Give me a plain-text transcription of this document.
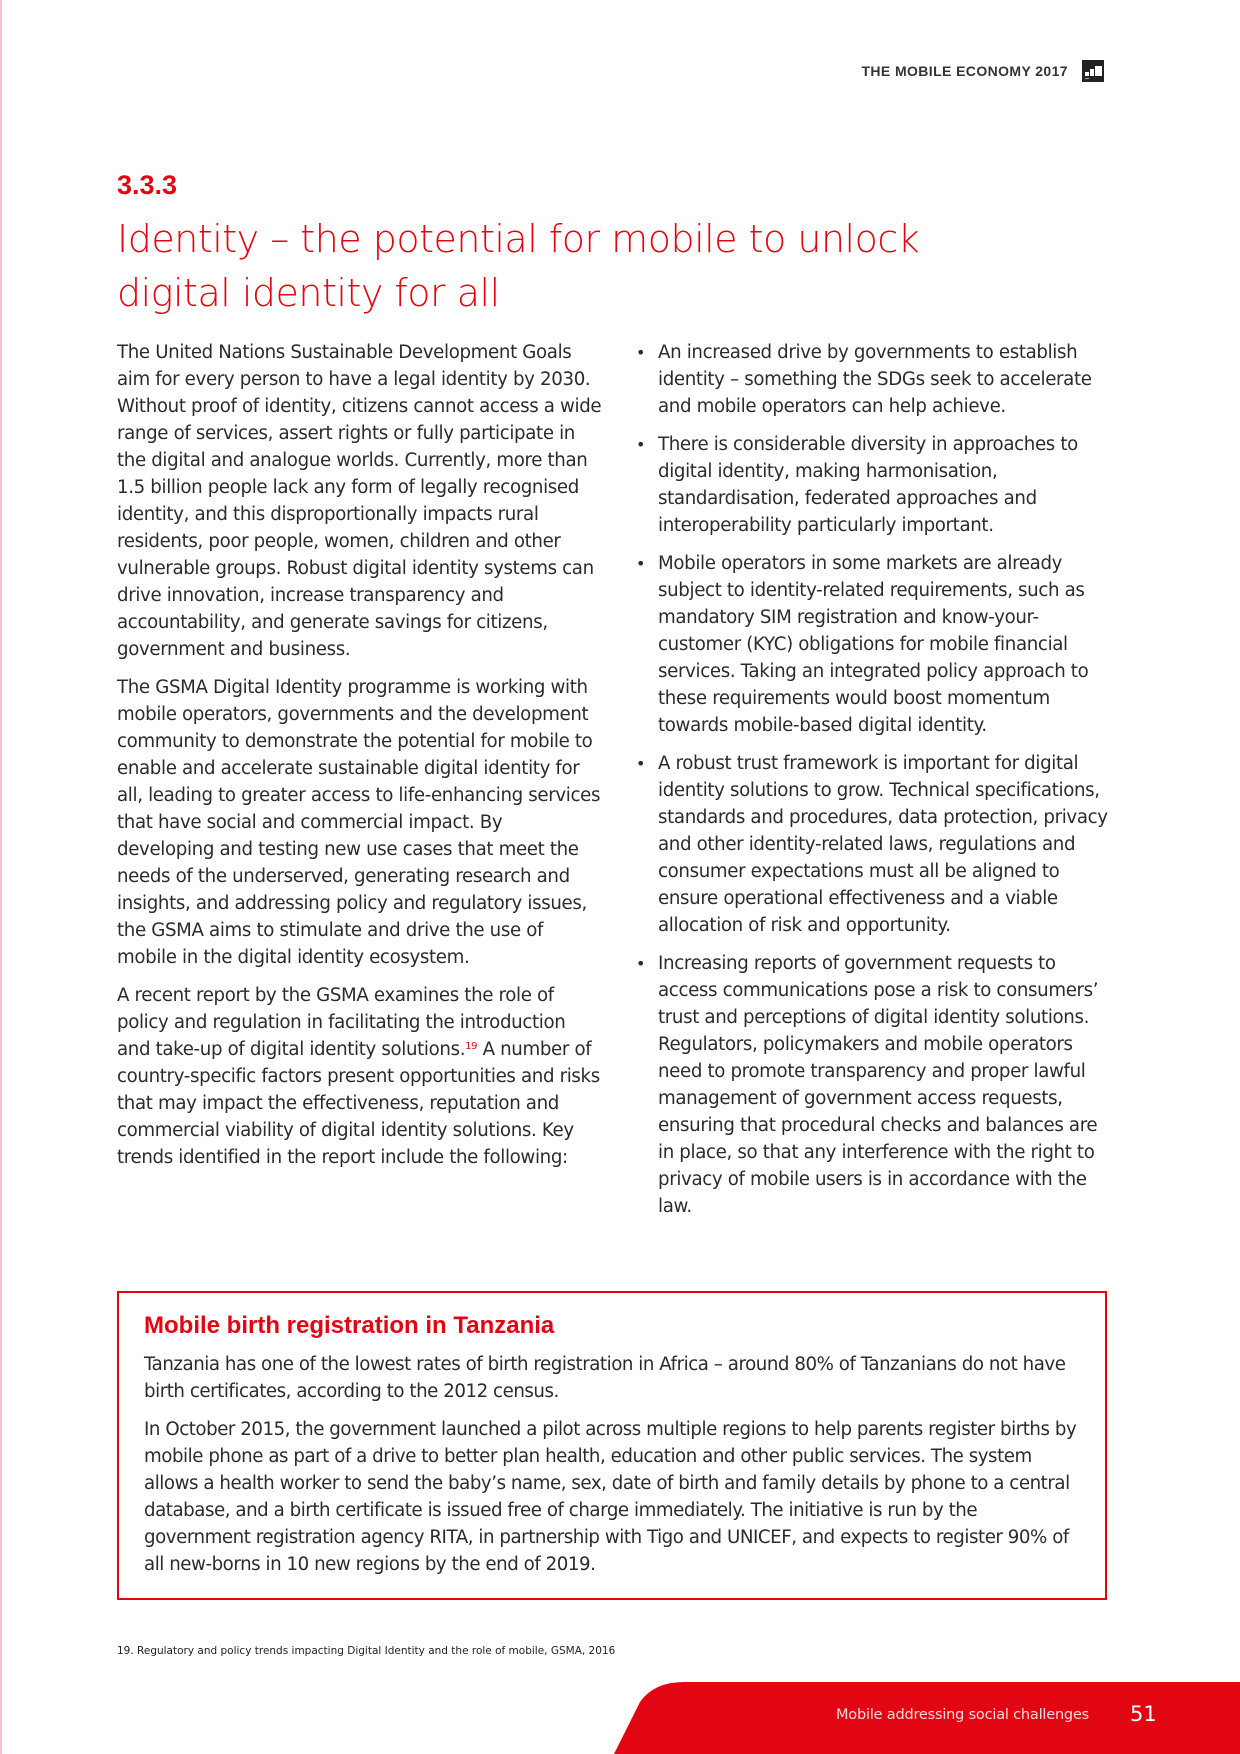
THE MOBILE ECONOMY 2017
3.3.3
Identity – the potential for mobile to unlock digital identity for all

The United Nations Sustainable Development Goals aim for every person to have a legal identity by 2030. Without proof of identity, citizens cannot access a wide range of services, assert rights or fully participate in the digital and analogue worlds. Currently, more than 1.5 billion people lack any form of legally recognised identity, and this disproportionally impacts rural residents, poor people, women, children and other vulnerable groups. Robust digital identity systems can drive innovation, increase transparency and accountability, and generate savings for citizens, government and business.

The GSMA Digital Identity programme is working with mobile operators, governments and the development community to demonstrate the potential for mobile to enable and accelerate sustainable digital identity for all, leading to greater access to life-enhancing services that have social and commercial impact. By developing and testing new use cases that meet the needs of the underserved, generating research and insights, and addressing policy and regulatory issues, the GSMA aims to stimulate and drive the use of mobile in the digital identity ecosystem.

A recent report by the GSMA examines the role of policy and regulation in facilitating the introduction and take-up of digital identity solutions.$^{19}$ A number of country-specific factors present opportunities and risks that may impact the effectiveness, reputation and commercial viability of digital identity solutions. Key trends identified in the report include the following:

• An increased drive by governments to establish identity – something the SDGs seek to accelerate and mobile operators can help achieve.
• There is considerable diversity in approaches to digital identity, making harmonisation, standardisation, federated approaches and interoperability particularly important.
• Mobile operators in some markets are already subject to identity-related requirements, such as mandatory SIM registration and know-your-customer (KYC) obligations for mobile financial services. Taking an integrated policy approach to these requirements would boost momentum towards mobile-based digital identity.
• A robust trust framework is important for digital identity solutions to grow. Technical specifications, standards and procedures, data protection, privacy and other identity-related laws, regulations and consumer expectations must all be aligned to ensure operational effectiveness and a viable allocation of risk and opportunity.
• Increasing reports of government requests to access communications pose a risk to consumers’ trust and perceptions of digital identity solutions. Regulators, policymakers and mobile operators need to promote transparency and proper lawful management of government access requests, ensuring that procedural checks and balances are in place, so that any interference with the right to privacy of mobile users is in accordance with the law.
Mobile birth registration in Tanzania

Tanzania has one of the lowest rates of birth registration in Africa – around 80% of Tanzanians do not have birth certificates, according to the 2012 census.

In October 2015, the government launched a pilot across multiple regions to help parents register births by mobile phone as part of a drive to better plan health, education and other public services. The system allows a health worker to send the baby’s name, sex, date of birth and family details by phone to a central database, and a birth certificate is issued free of charge immediately. The initiative is run by the government registration agency RITA, in partnership with Tigo and UNICEF, and expects to register 90% of all new-borns in 10 new regions by the end of 2019.

19. Regulatory and policy trends impacting Digital Identity and the role of mobile, GSMA, 2016
Mobile addressing social challenges 51
